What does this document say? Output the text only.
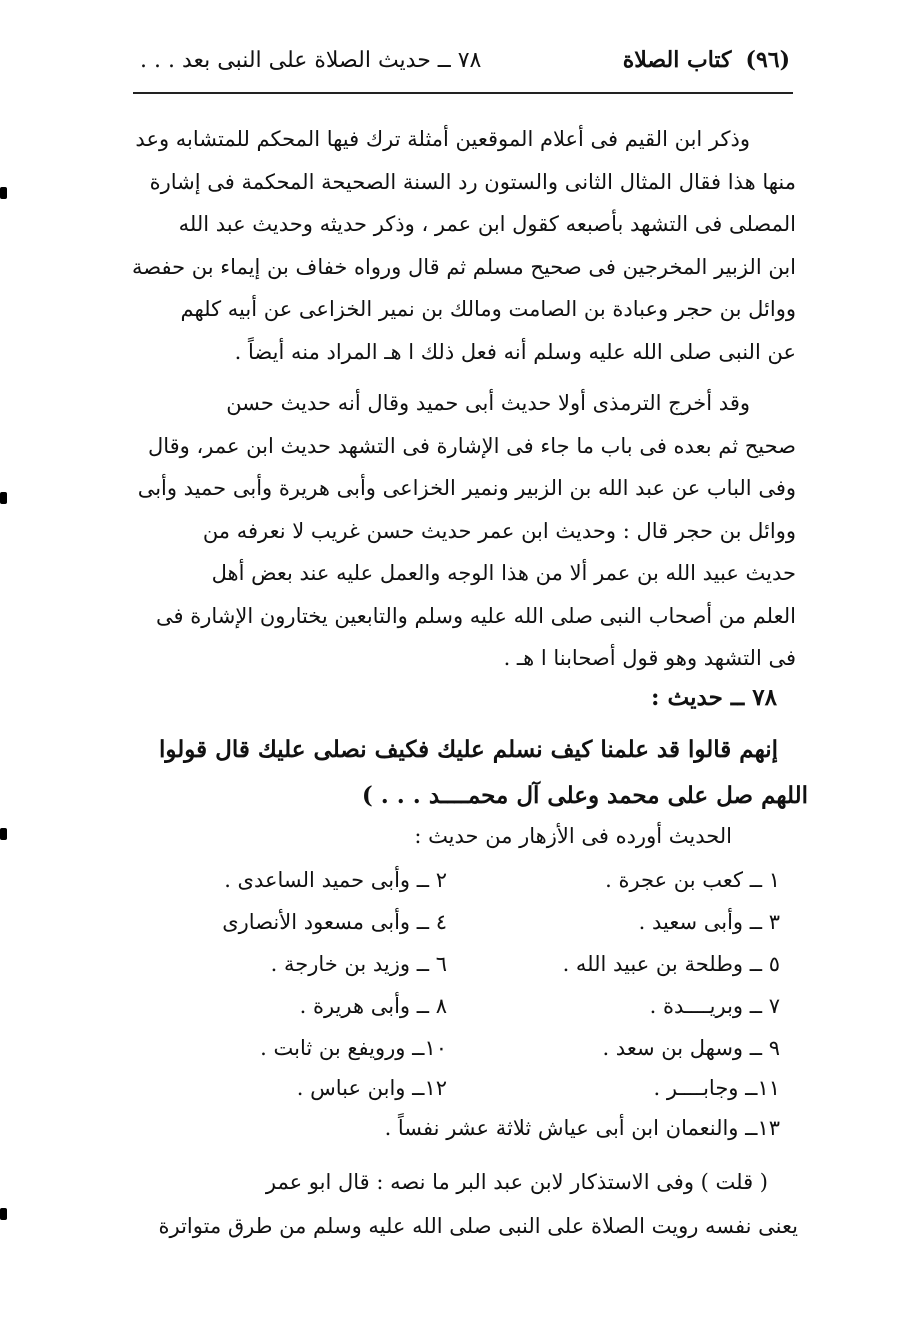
(٩٦)
كتاب الصلاة
٧٨ ــ حديث الصلاة على النبى بعد . . .
وذكر ابن القيم فى أعلام الموقعين أمثلة ترك فيها المحكم للمتشابه وعد
منها هذا فقال المثال الثانى والستون رد السنة الصحيحة المحكمة فى إشارة
المصلى فى التشهد بأصبعه كقول ابن عمر ، وذكر حديثه وحديث عبد الله
ابن الزبير المخرجين فى صحيح مسلم ثم قال ورواه خفاف بن إيماء بن حفصة
ووائل بن حجر وعبادة بن الصامت ومالك بن نمير الخزاعى عن أبيه كلهم
عن النبى صلى الله عليه وسلم أنه فعل ذلك ا هـ المراد منه أيضاً .
وقد أخرج الترمذى أولا حديث أبى حميد وقال أنه حديث حسن
صحيح ثم بعده فى باب ما جاء فى الإشارة فى التشهد حديث ابن عمر، وقال
وفى الباب عن عبد الله بن الزبير ونمير الخزاعى وأبى هريرة وأبى حميد وأبى
ووائل بن حجر قال : وحديث ابن عمر حديث حسن غريب لا نعرفه من
حديث عبيد الله بن عمر ألا من هذا الوجه والعمل عليه عند بعض أهل
العلم من أصحاب النبى صلى الله عليه وسلم والتابعين يختارون الإشارة فى
فى التشهد وهو قول أصحابنا ا هـ .
٧٨ ــ حديث :
إنهم قالوا قد علمنا كيف نسلم عليك فكيف نصلى عليك قال قولوا
اللهم صل على محمد وعلى آل محمــــد . . . )
الحديث أورده فى الأزهار من حديث :
١ ــ كعب بن عجرة .
٢ ــ وأبى حميد الساعدى .
٣ ــ وأبى سعيد .
٤ ــ وأبى مسعود الأنصارى
٥ ــ وطلحة بن عبيد الله .
٦ ــ وزيد بن خارجة .
٧ ــ وبريــــدة .
٨ ــ وأبى هريرة .
٩ ــ وسهل بن سعد .
١٠ــ ورويفع بن ثابت .
١١ــ وجابــــر .
١٢ــ وابن عباس .
١٣ــ والنعمان ابن أبى عياش ثلاثة عشر نفساً .
( قلت ) وفى الاستذكار لابن عبد البر ما نصه : قال ابو عمر
يعنى نفسه رويت الصلاة على النبى صلى الله عليه وسلم من طرق متواترة
